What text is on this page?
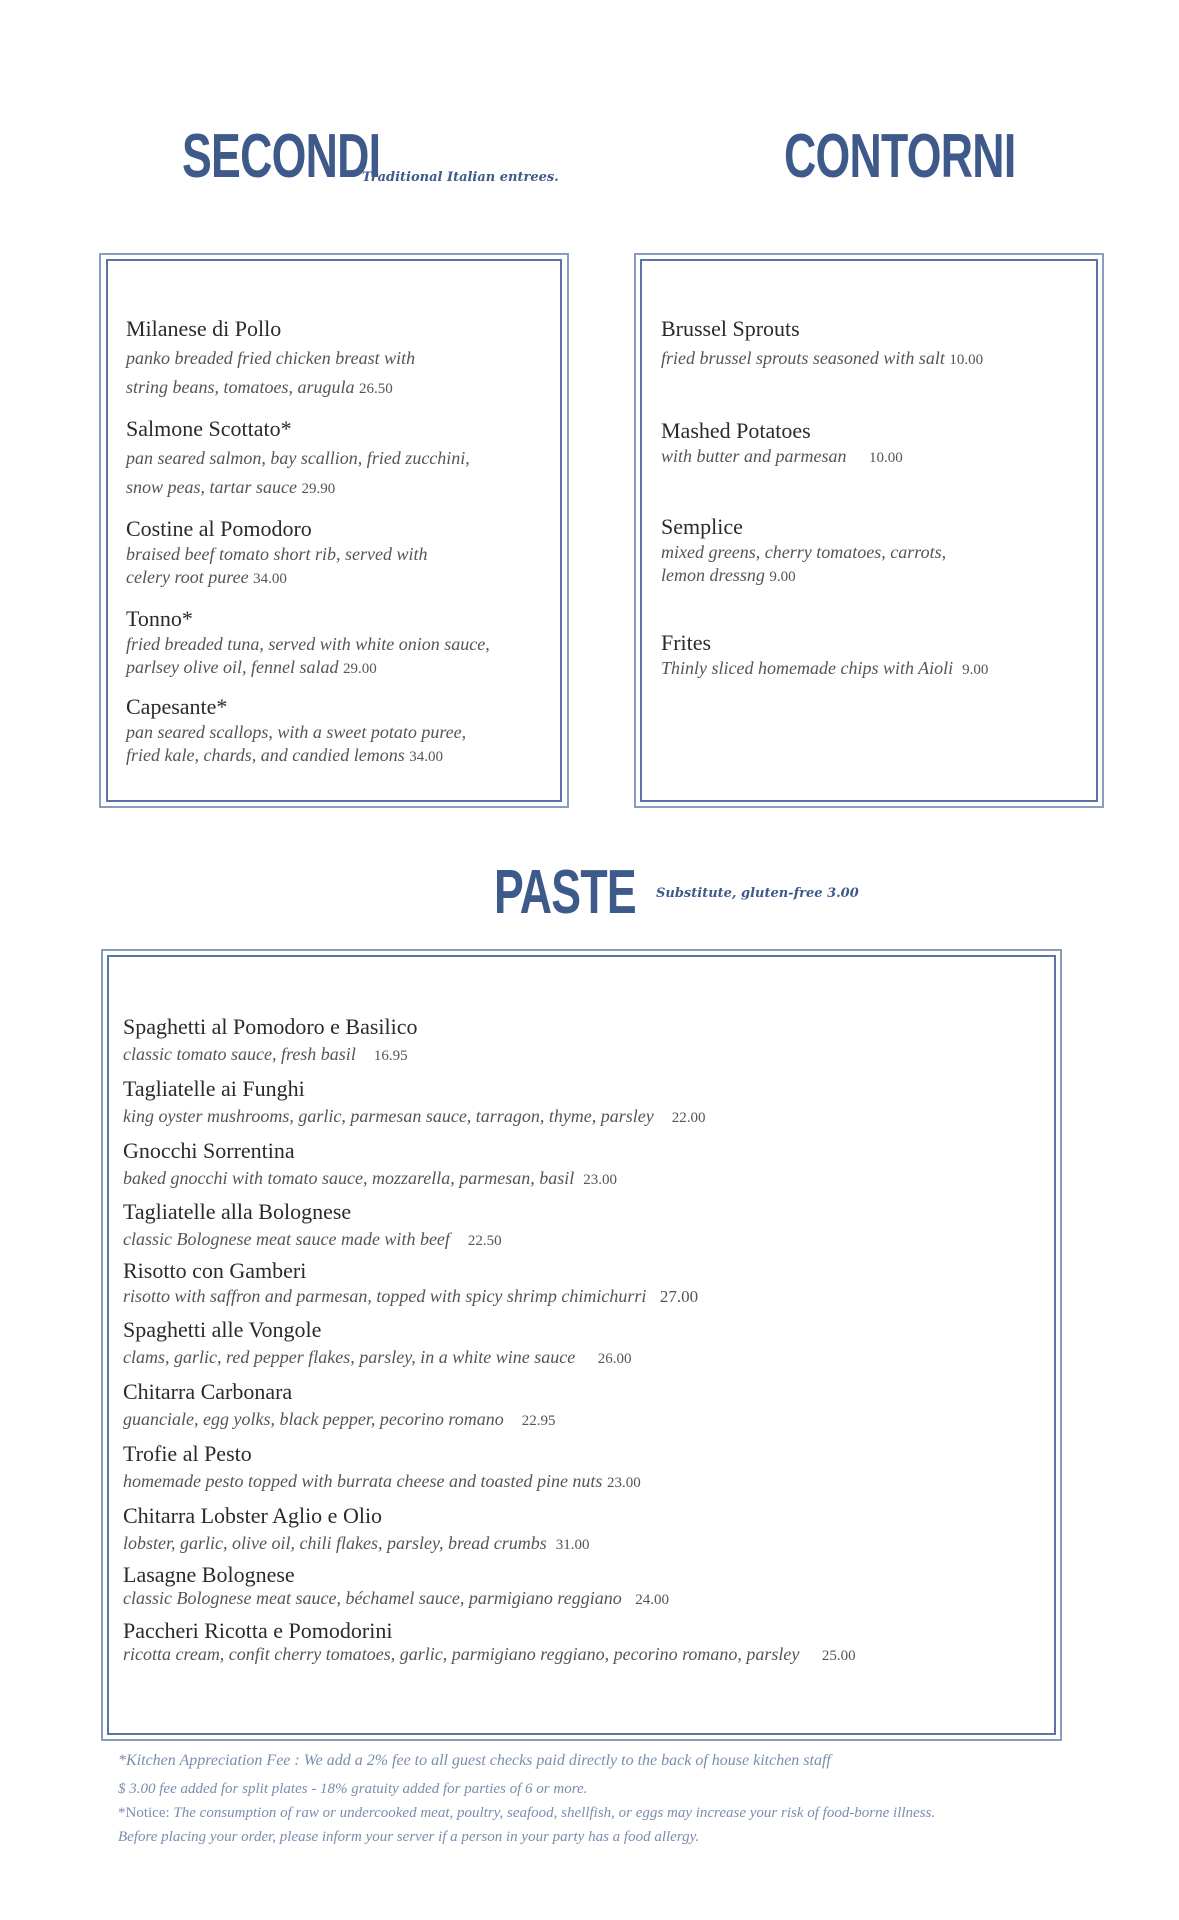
SECONDI
Traditional Italian entrees.	CONTORNI
Milanese di Pollo
panko breaded fried chicken breast with
string beans, tomatoes, arugula 26.50
Salmone Scottato*
pan seared salmon, bay scallion, fried zucchini,
snow peas, tartar sauce 29.90
Costine al Pomodoro
braised beef tomato short rib, served with
celery root puree 34.00
Tonno*
fried breaded tuna, served with white onion sauce,
parlsey olive oil, fennel salad 29.00
Capesante*
pan seared scallops, with a sweet potato puree,
fried kale, chards, and candied lemons 34.00
Brussel Sprouts
fried brussel sprouts seasoned with salt 10.00
Mashed Potatoes
with butter and parmesan 10.00
Semplice
mixed greens, cherry tomatoes, carrots,
lemon dressng 9.00
Frites
Thinly sliced homemade chips with Aioli 9.00
PASTE Substitute, gluten-free 3.00
Spaghetti al Pomodoro e Basilico
classic tomato sauce, fresh basil 16.95
Tagliatelle ai Funghi
king oyster mushrooms, garlic, parmesan sauce, tarragon, thyme, parsley 22.00
Gnocchi Sorrentina
baked gnocchi with tomato sauce, mozzarella, parmesan, basil 23.00
Tagliatelle alla Bolognese
classic Bolognese meat sauce made with beef 22.50
Risotto con Gamberi
risotto with saffron and parmesan, topped with spicy shrimp chimichurri 27.00
Spaghetti alle Vongole
clams, garlic, red pepper flakes, parsley, in a white wine sauce 26.00
Chitarra Carbonara
guanciale, egg yolks, black pepper, pecorino romano 22.95
Trofie al Pesto
homemade pesto topped with burrata cheese and toasted pine nuts 23.00
Chitarra Lobster Aglio e Olio
lobster, garlic, olive oil, chili flakes, parsley, bread crumbs 31.00
Lasagne Bolognese
classic Bolognese meat sauce, béchamel sauce, parmigiano reggiano 24.00
Paccheri Ricotta e Pomodorini
ricotta cream, confit cherry tomatoes, garlic, parmigiano reggiano, pecorino romano, parsley 25.00
*Kitchen Appreciation Fee : We add a 2% fee to all guest checks paid directly to the back of house kitchen staff
$ 3.00 fee added for split plates - 18% gratuity added for parties of 6 or more.
*Notice: The consumption of raw or undercooked meat, poultry, seafood, shellfish, or eggs may increase your risk of food-borne illness.
Before placing your order, please inform your server if a person in your party has a food allergy.
